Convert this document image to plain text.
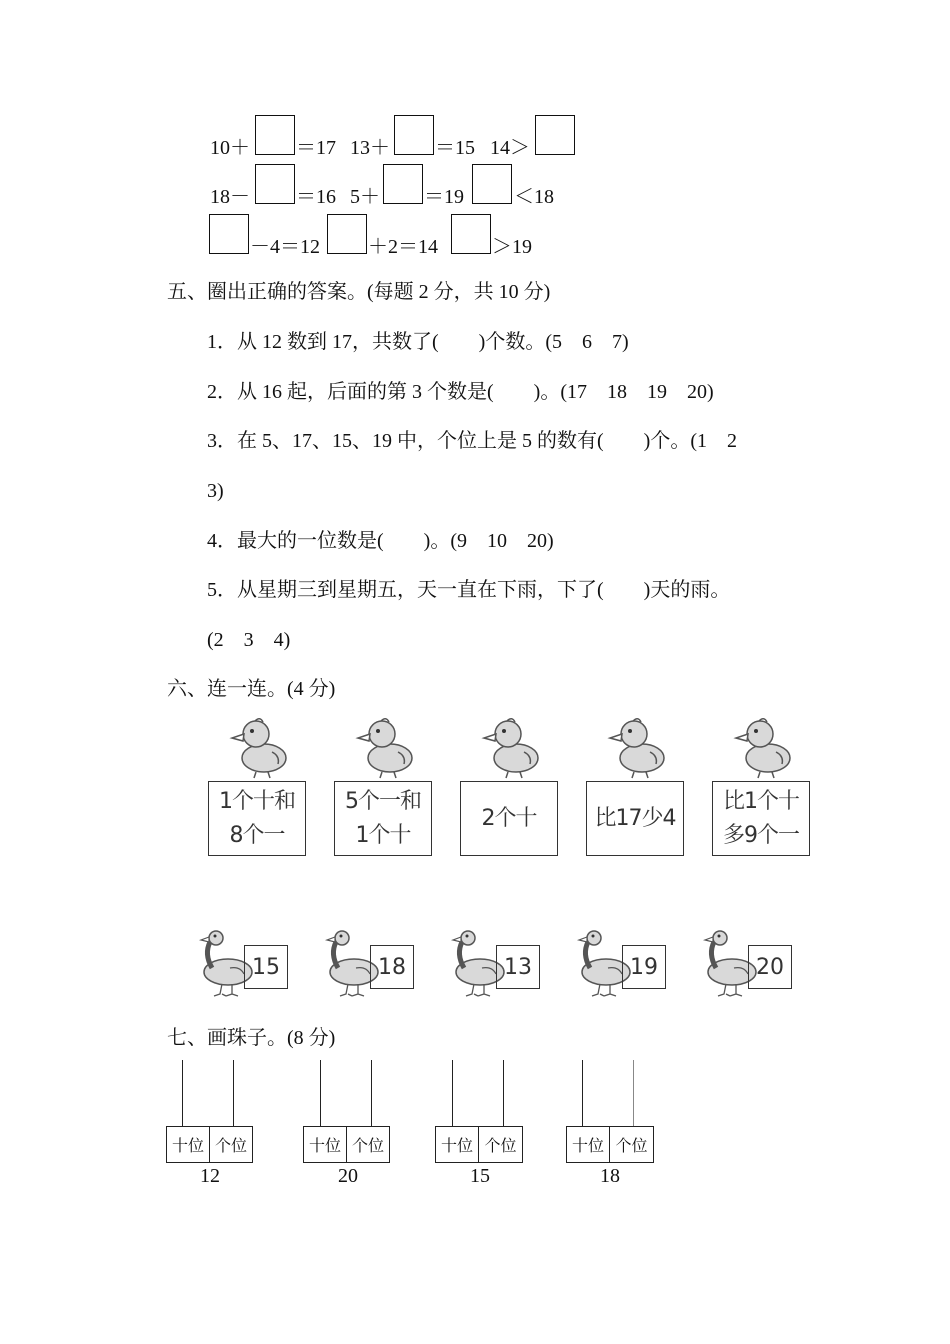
10＋ ＝17 13＋ ＝15 14＞
18－ ＝16 5＋ ＝19	＜18
－4＝12 ＋2＝14	＞19
五、圈出正确的答案。(每题 2 分，共 10 分)
1．从 12 数到 17，共数了(　　)个数。(5　6　7)
2．从 16 起，后面的第 3 个数是(　　)。(17　18　19　20)
3．在 5、17、15、19 中，个位上是 5 的数有(　　)个。(1　2
3)
4．最大的一位数是(　　)。(9　10　20)
5．从星期三到星期五，天一直在下雨，下了(　　)天的雨。
(2　3　4)
六、连一连。(4 分)
1个十和
8个一
5个一和
1个十
2个十	比17少4
比1个十
多9个一
15	18	13	19	20
七、画珠子。(8 分)
十位 个位
12
十位 个位
20
十位 个位
15
十位 个位
18
